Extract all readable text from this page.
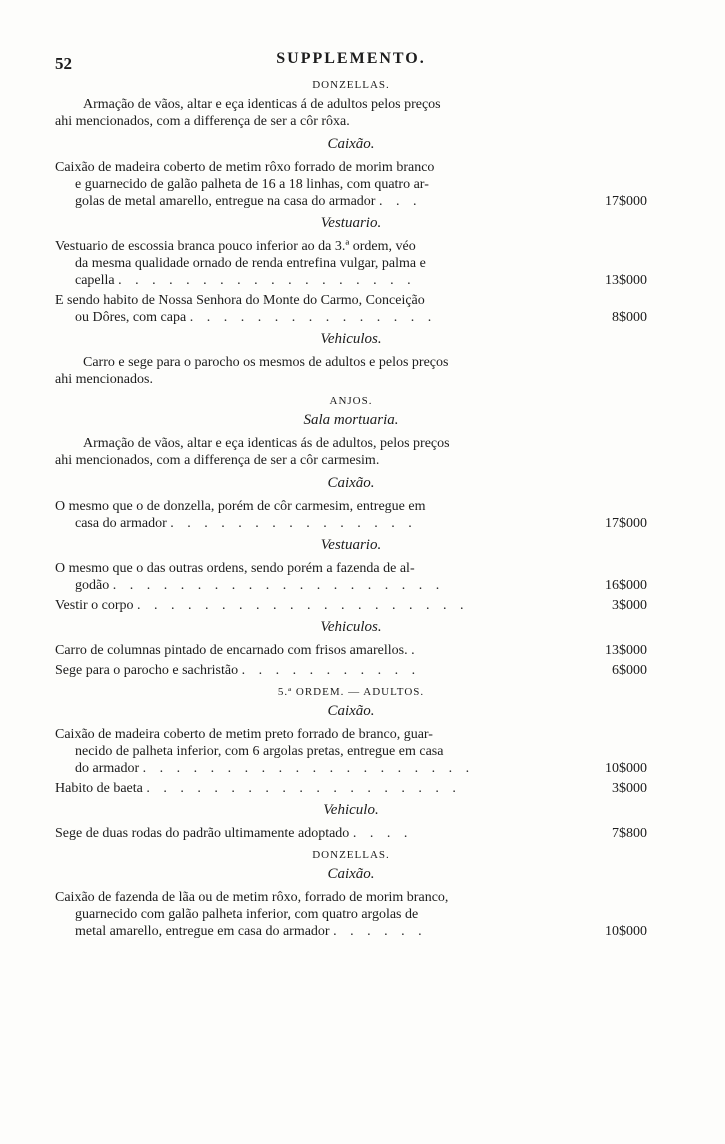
52	SUPPLEMENTO.
DONZELLAS.
Armação de vãos, altar e eça identicas á de adultos pelos preços
ahi mencionados, com a differença de ser a côr rôxa.
Caixão.
Caixão de madeira coberto de metim rôxo forrado de morim branco
e guarnecido de galão palheta de 16 a 18 linhas, com quatro ar-
golas de metal amarello, entregue na casa do armador . . .	17$000
Vestuario.
Vestuario de escossia branca pouco inferior ao da 3.ª ordem, véo
da mesma qualidade ornado de renda entrefina vulgar, palma e
capella . . . . . . . . . . . . . . . . . .	13$000
E sendo habito de Nossa Senhora do Monte do Carmo, Conceição
ou Dôres, com capa . . . . . . . . . . . . . . .	8$000
Vehiculos.
Carro e sege para o parocho os mesmos de adultos e pelos preços
ahi mencionados.
ANJOS.
Sala mortuaria.
Armação de vãos, altar e eça identicas ás de adultos, pelos preços
ahi mencionados, com a differença de ser a côr carmesim.
Caixão.
O mesmo que o de donzella, porém de côr carmesim, entregue em
casa do armador . . . . . . . . . . . . . . .	17$000
Vestuario.
O mesmo que o das outras ordens, sendo porém a fazenda de al-
godão . . . . . . . . . . . . . . . . . . . .	16$000
Vestir o corpo . . . . . . . . . . . . . . . . . . . .	3$000
Vehiculos.
Carro de columnas pintado de encarnado com frisos amarellos. .	13$000
Sege para o parocho e sachristão . . . . . . . . . . .	6$000
5.ª ORDEM. — ADULTOS.
Caixão.
Caixão de madeira coberto de metim preto forrado de branco, guar-
necido de palheta inferior, com 6 argolas pretas, entregue em casa
do armador . . . . . . . . . . . . . . . . . . . .	10$000
Habito de baeta . . . . . . . . . . . . . . . . . . .	3$000
Vehiculo.
Sege de duas rodas do padrão ultimamente adoptado . . . .	7$800
DONZELLAS.
Caixão.
Caixão de fazenda de lãa ou de metim rôxo, forrado de morim branco,
guarnecido com galão palheta inferior, com quatro argolas de
metal amarello, entregue em casa do armador . . . . . .	10$000
